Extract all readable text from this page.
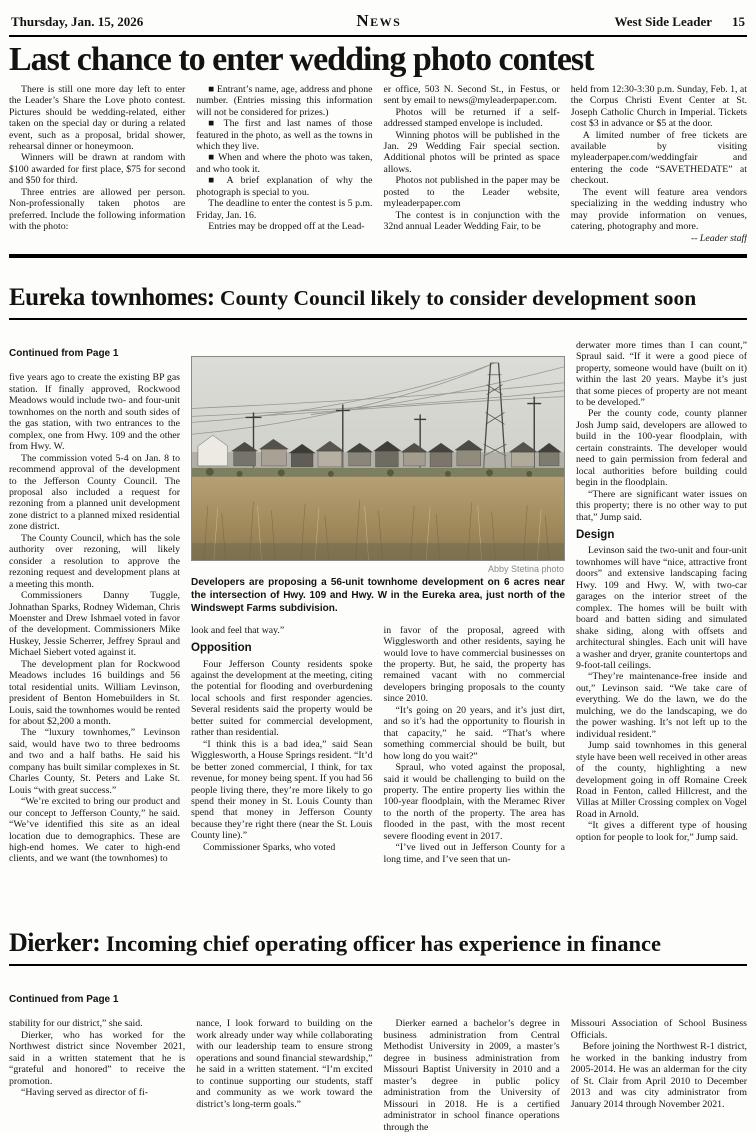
Thursday, Jan. 15, 2026	News	West Side Leader 15
Last chance to enter wedding photo contest

There is still one more day left to enter the Leader’s Share the Love photo contest. Pictures should be wedding-related, either taken on the special day or during a related event, such as a proposal, bridal shower, rehearsal dinner or honeymoon.

Winners will be drawn at random with $100 awarded for first place, $75 for second and $50 for third.

Three entries are allowed per person. Non-professionally taken photos are preferred. Include the following information with the photo:

■ Entrant’s name, age, address and phone number. (Entries missing this information will not be considered for prizes.)

■ The first and last names of those featured in the photo, as well as the towns in which they live.

■ When and where the photo was taken, and who took it.

■ A brief explanation of why the photograph is special to you.

The deadline to enter the contest is 5 p.m. Friday, Jan. 16.

Entries may be dropped off at the Lead-

er office, 503 N. Second St., in Festus, or sent by email to news@myleaderpaper.com.

Photos will be returned if a self-addressed stamped envelope is included.

Winning photos will be published in the Jan. 29 Wedding Fair special section. Additional photos will be printed as space allows.

Photos not published in the paper may be posted to the Leader website, myleaderpaper.com

The contest is in conjunction with the 32nd annual Leader Wedding Fair, to be

held from 12:30-3:30 p.m. Sunday, Feb. 1, at the Corpus Christi Event Center at St. Joseph Catholic Church in Imperial. Tickets cost $3 in advance or $5 at the door.

A limited number of free tickets are available by visiting myleaderpaper.com/weddingfair and entering the code “SAVETHEDATE” at checkout.

The event will feature area vendors specializing in the wedding industry who may provide information on venues, catering, photography and more.

-- Leader staff

Eureka townhomes: County Council likely to consider development soon
Continued from Page 1

five years ago to create the existing BP gas station. If finally approved, Rockwood Meadows would include two- and four-unit townhomes on the north and south sides of the gas station, with two entrances to the complex, one from Hwy. 109 and the other from Hwy. W.

The commission voted 5-4 on Jan. 8 to recommend approval of the development to the Jefferson County Council. The proposal also included a request for rezoning from a planned unit development zone district to a planned mixed residential zone district.

The County Council, which has the sole authority over rezoning, will likely consider a resolution to approve the rezoning request and development plans at a meeting this month.

Commissioners Danny Tuggle, Johnathan Sparks, Rodney Wideman, Chris Moenster and Drew Ishmael voted in favor of the development. Commissioners Mike Huskey, Jessie Scherrer, Jeffrey Spraul and Michael Siebert voted against it.

The development plan for Rockwood Meadows includes 16 buildings and 56 total residential units. William Levinson, president of Benton Homebuilders in St. Louis, said the townhomes would be rented for about $2,200 a month.

The “luxury townhomes,” Levinson said, would have two to three bedrooms and two and a half baths. He said his company has built similar complexes in St. Charles County, St. Peters and Lake St. Louis “with great success.”

“We’re excited to bring our product and our concept to Jefferson County,” he said. “We’ve identified this site as an ideal location due to demographics. These are high-end homes. We cater to high-end clients, and we want (the townhomes) to

Abby Stetina photo
Developers are proposing a 56-unit townhome development on 6 acres near the intersection of Hwy. 109 and Hwy. W in the Eureka area, just north of the Windswept Farms subdivision.

look and feel that way.”

Opposition

Four Jefferson County residents spoke against the development at the meeting, citing the potential for flooding and overburdening local schools and first responder agencies. Several residents said the property would be better suited for commercial development, rather than residential.

“I think this is a bad idea,” said Sean Wigglesworth, a House Springs resident. “It’d be better zoned commercial, I think, for tax revenue, for money being spent. If you had 56 people living there, they’re more likely to go spend their money in St. Louis County than spend that money in Jefferson County because they’re right there (near the St. Louis County line).”

Commissioner Sparks, who voted

in favor of the proposal, agreed with Wigglesworth and other residents, saying he would love to have commercial businesses on the property. But, he said, the property has remained vacant with no commercial developers bringing proposals to the county since 2010.

“It’s going on 20 years, and it’s just dirt, and so it’s had the opportunity to flourish in that capacity,” he said. “That’s where something commercial should be built, but how long do you wait?”

Spraul, who voted against the proposal, said it would be challenging to build on the property. The entire property lies within the 100-year floodplain, with the Meramec River to the north of the property. The area has flooded in the past, with the most recent severe flooding event in 2017.

“I’ve lived out in Jefferson County for a long time, and I’ve seen that un-

derwater more times than I can count,” Spraul said. “If it were a good piece of property, someone would have (built on it) within the last 20 years. Maybe it’s just that some pieces of property are not meant to be developed.”

Per the county code, county planner Josh Jump said, developers are allowed to build in the 100-year floodplain, with certain constraints. The developer would need to gain permission from federal and local authorities before building could begin in the floodplain.

“There are significant water issues on this property; there is no other way to put that,” Jump said.

Design

Levinson said the two-unit and four-unit townhomes will have “nice, attractive front doors” and extensive landscaping facing Hwy. 109 and Hwy. W, with two-car garages on the interior street of the complex. The homes will be built with board and batten siding and simulated shake siding, along with offsets and architectural shingles. Each unit will have a washer and dryer, granite countertops and 9-foot-tall ceilings.

“They’re maintenance-free inside and out,” Levinson said. “We take care of everything. We do the lawn, we do the mulching, we do the landscaping, we do the power washing. It’s not left up to the individual resident.”

Jump said townhomes in this general style have been well received in other areas of the county, highlighting a new development going in off Romaine Creek Road in Fenton, called Hillcrest, and the Villas at Miller Crossing complex on Vogel Road in Arnold.

“It gives a different type of housing option for people to look for,” Jump said.

Dierker: Incoming chief operating officer has experience in finance
Continued from Page 1

stability for our district,” she said.

Dierker, who has worked for the Northwest district since November 2021, said in a written statement that he is “grateful and honored” to receive the promotion.

“Having served as director of fi-

nance, I look forward to building on the work already under way while collaborating with our leadership team to ensure strong operations and sound financial stewardship,” he said in a written statement. “I’m excited to continue supporting our students, staff and community as we work toward the district’s long-term goals.”

Dierker earned a bachelor’s degree in business administration from Central Methodist University in 2009, a master’s degree in business administration from Missouri Baptist University in 2010 and a master’s degree in public policy administration from the University of Missouri in 2018. He is a certified administrator in school finance operations through the

Missouri Association of School Business Officials.

Before joining the Northwest R-1 district, he worked in the banking industry from 2005-2014. He was an alderman for the city of St. Clair from April 2010 to December 2013 and was city administrator from January 2014 through November 2021.
